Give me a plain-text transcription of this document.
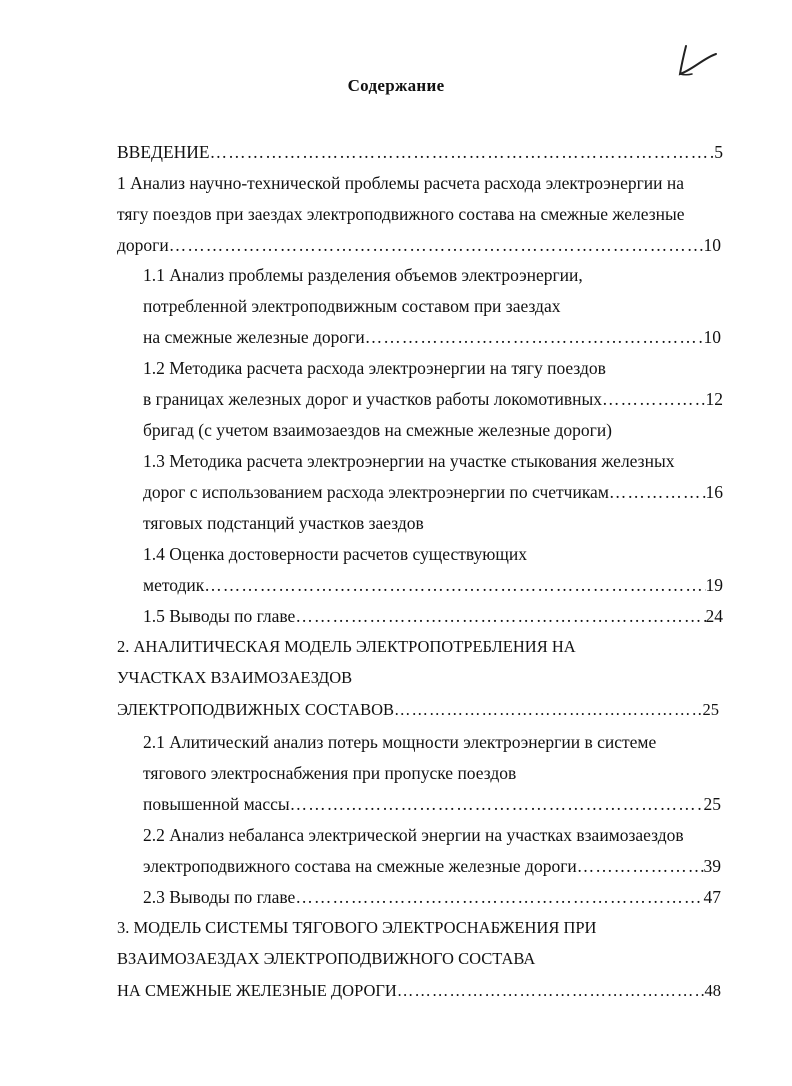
Содержание
ВВЕДЕНИЕ ……………………………………………………………………………………………………………………………………………………………………………………………………	5
1 Анализ научно-технической проблемы расчета расхода электроэнергии на
тягу поездов при заездах электроподвижного состава на смежные железные
дороги ……………………………………………………………………………………………………………………………………………………………………………………………………	10
1.1 Анализ проблемы разделения объемов электроэнергии,
потребленной электроподвижным составом при заездах
на смежные железные дороги ……………………………………………………………………………………………………………………………………………………………………………………………………	10
1.2 Методика расчета расхода электроэнергии на тягу поездов
в границах железных дорог и участков работы локомотивных ……………………………………………………………………………………………………………………………………………………………………………………………………	12
бригад (с учетом взаимозаездов на смежные железные дороги)
1.3 Методика расчета электроэнергии на участке стыкования железных
дорог с использованием расхода электроэнергии по счетчикам ……………………………………………………………………………………………………………………………………………………………………………………………………	16
тяговых подстанций участков заездов
1.4 Оценка достоверности расчетов существующих
методик ……………………………………………………………………………………………………………………………………………………………………………………………………	19
1.5 Выводы по главе ……………………………………………………………………………………………………………………………………………………………………………………………………	24
2. АНАЛИТИЧЕСКАЯ МОДЕЛЬ ЭЛЕКТРОПОТРЕБЛЕНИЯ НА
УЧАСТКАХ ВЗАИМОЗАЕЗДОВ
ЭЛЕКТРОПОДВИЖНЫХ СОСТАВОВ ……………………………………………………………………………………………………………………………………………………………………………………………………	25
2.1 Алитический анализ потерь мощности электроэнергии в системе
тягового электроснабжения при пропуске поездов
повышенной массы ……………………………………………………………………………………………………………………………………………………………………………………………………	25
2.2 Анализ небаланса электрической энергии на участках взаимозаездов
электроподвижного состава на смежные железные дороги ……………………………………………………………………………………………………………………………………………………………………………………………………	39
2.3 Выводы по главе ……………………………………………………………………………………………………………………………………………………………………………………………………	47
3. МОДЕЛЬ СИСТЕМЫ ТЯГОВОГО ЭЛЕКТРОСНАБЖЕНИЯ ПРИ
ВЗАИМОЗАЕЗДАХ ЭЛЕКТРОПОДВИЖНОГО СОСТАВА
НА СМЕЖНЫЕ ЖЕЛЕЗНЫЕ ДОРОГИ ……………………………………………………………………………………………………………………………………………………………………………………………………	48
